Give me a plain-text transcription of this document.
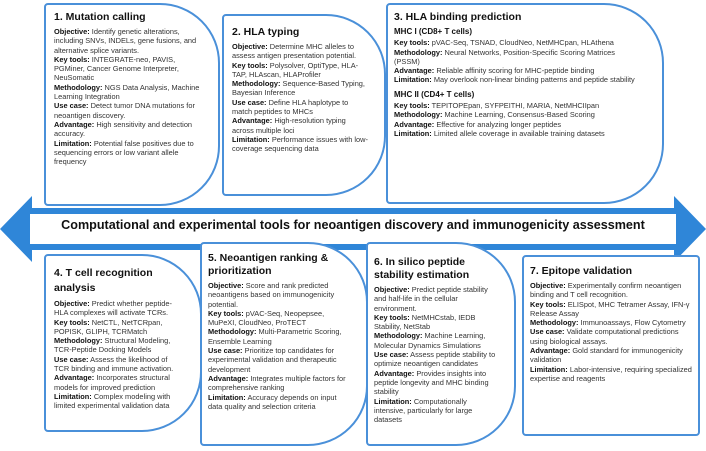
Computational and experimental tools for neoantigen discovery and immunogenicity assessment
1. Mutation calling

Objective: Identify genetic alterations, including SNVs, INDELs, gene fusions, and alternative splice variants.

Key tools: INTEGRATE-neo, PAVIS, PGMiner, Cancer Genome Interpreter, NeuSomatic

Methodology: NGS Data Analysis, Machine Learning Integration

Use case: Detect tumor DNA mutations for neoantigen discovery.

Advantage: High sensitivity and detection accuracy.

Limitation: Potential false positives due to sequencing errors or low variant allele frequency

2. HLA typing

Objective: Determine MHC alleles to assess antigen presentation potential.

Key tools: Polysolver, OptiType, HLA-TAP, HLAscan, HLAProfiler

Methodology: Sequence-Based Typing, Bayesian Inference

Use case: Define HLA haplotype to match peptides to MHCs

Advantage: High-resolution typing across multiple loci

Limitation: Performance issues with low-coverage sequencing data

3. HLA binding prediction
MHC I (CD8+ T cells)

Key tools: pVAC-Seq, TSNAD, CloudNeo, NetMHCpan, HLAthena

Methodology: Neural Networks, Position-Specific Scoring Matrices (PSSM)

Advantage: Reliable affinity scoring for MHC-peptide binding

Limitation: May overlook non-linear binding patterns and peptide stability

MHC II (CD4+ T cells)

Key tools: TEPITOPEpan, SYFPEITHI, MARIA, NetMHCIIpan

Methodology: Machine Learning, Consensus-Based Scoring

Advantage: Effective for analyzing longer peptides

Limitation: Limited allele coverage in available training datasets

4. T cell recognition analysis

Objective: Predict whether peptide-HLA complexes will activate TCRs.

Key tools: NetCTL, NetTCRpan, POPISK, GLIPH, TCRMatch

Methodology: Structural Modeling, TCR-Peptide Docking Models

Use case: Assess the likelihood of TCR binding and immune activation.

Advantage: Incorporates structural models for improved prediction

Limitation: Complex modeling with limited experimental validation data

5. Neoantigen ranking & prioritization

Objective: Score and rank predicted neoantigens based on immunogenicity potential.

Key tools: pVAC-Seq, Neopepsee, MuPeXI, CloudNeo, ProTECT

Methodology: Multi-Parametric Scoring, Ensemble Learning

Use case: Prioritize top candidates for experimental validation and therapeutic development

Advantage: Integrates multiple factors for comprehensive ranking

Limitation: Accuracy depends on input data quality and selection criteria

6. In silico peptide stability estimation

Objective: Predict peptide stability and half-life in the cellular environment.

Key tools: NetMHCstab, IEDB Stability, NetStab

Methodology: Machine Learning, Molecular Dynamics Simulations

Use case: Assess peptide stability to optimize neoantigen candidates

Advantage: Provides insights into peptide longevity and MHC binding stability

Limitation: Computationally intensive, particularly for large datasets

7. Epitope validation

Objective: Experimentally confirm neoantigen binding and T cell recognition.

Key tools: ELISpot, MHC Tetramer Assay, IFN-γ Release Assay

Methodology: Immunoassays, Flow Cytometry

Use case: Validate computational predictions using biological assays.

Advantage: Gold standard for immunogenicity validation

Limitation: Labor-intensive, requiring specialized expertise and reagents
